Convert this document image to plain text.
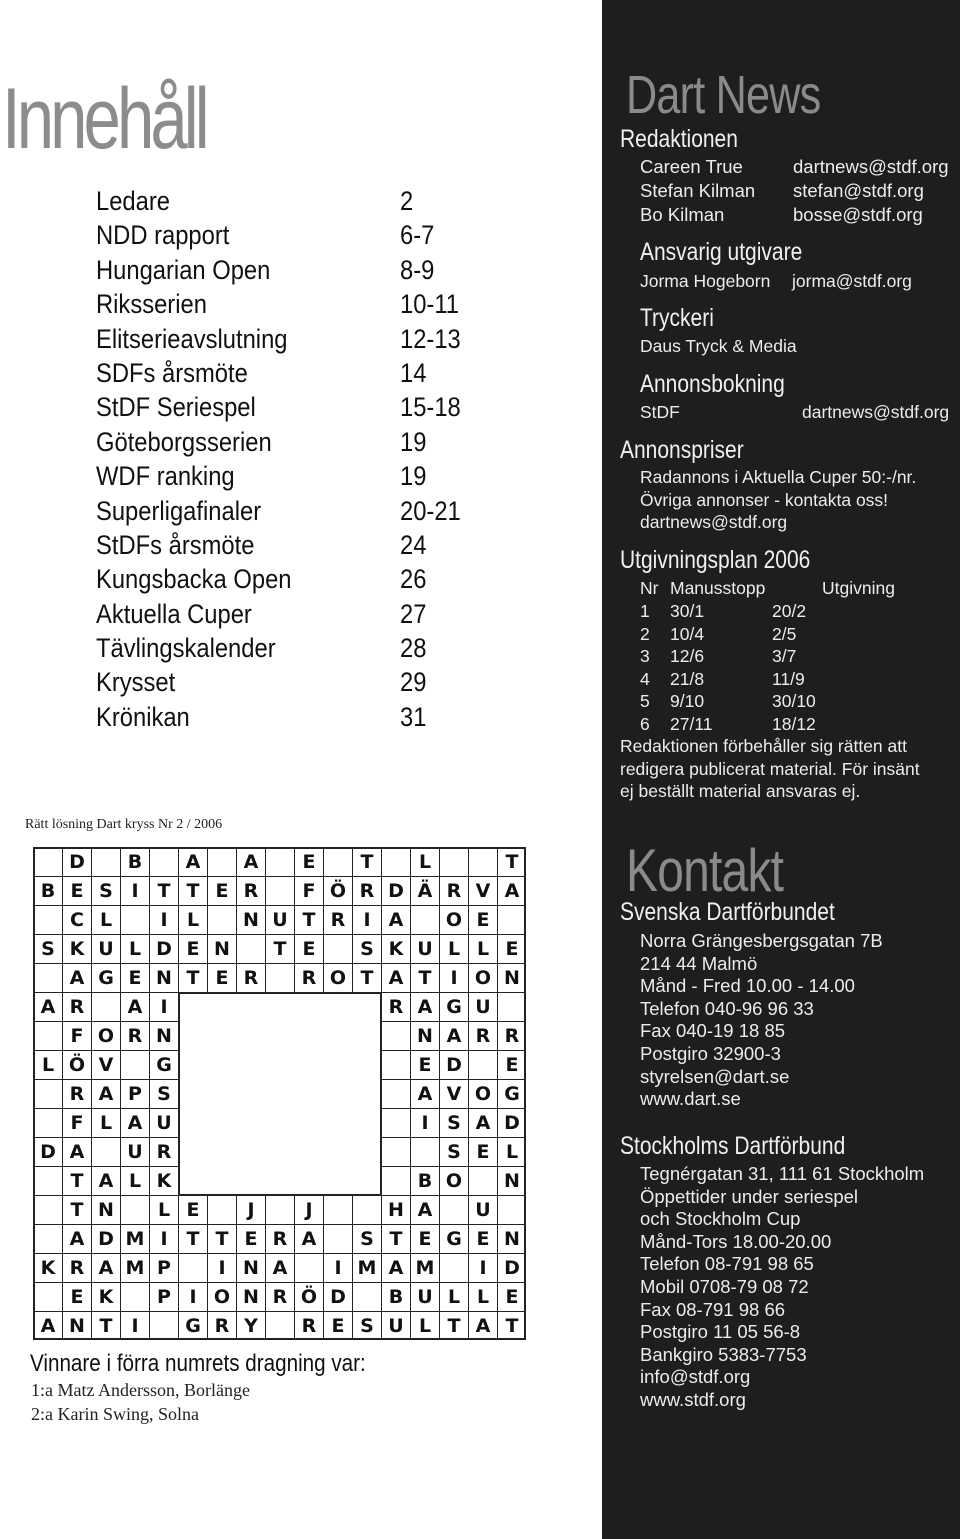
Innehåll
Ledare	2
NDD rapport	6-7
Hungarian Open	8-9
Riksserien	10-11
Elitserieavslutning	12-13
SDFs årsmöte	14
StDF Seriespel	15-18
Göteborgsserien	19
WDF ranking	19
Superligafinaler	20-21
StDFs årsmöte	24
Kungsbacka Open	26
Aktuella Cuper	27
Tävlingskalender	28
Krysset	29
Krönikan	31
Rätt lösning Dart kryss Nr 2 / 2006
D	B	A	A	E	T	L	T
B E S I T T E R	F Ö R D Ä R V A
C L	I	L	N U T R I A	O E
S K U L D E N	T E	S K U L L E
A G E N T E R	R O T A T I O N
A R	A I	R A G U
F O R N	N A R R
L Ö V	G	E D	E
R A P S	A V O G
F L A U	I S A D
D A	U R	S E L
T A L K	B O	N
T N	L E	J	J	H A	U
A D M I T T E R A	S T E G E N
K R A M P	I N A	I M A M	I D
E K	P I O N R Ö D	B U L L E
A N T I	G R Y	R E S U L T A T
Vinnare i förra numrets dragning var:
1:a Matz Andersson, Borlänge
2:a Karin Swing, Solna
Dart News
Redaktionen
Careen True	dartnews@stdf.org
Stefan Kilman stefan@stdf.org
Bo Kilman	bosse@stdf.org
Ansvarig utgivare
Jorma Hogeborn jorma@stdf.org
Tryckeri
Daus Tryck & Media
Annonsbokning
StDF	dartnews@stdf.org
Annonspriser
Radannons i Aktuella Cuper 50:-/nr.
Övriga annonser - kontakta oss!
dartnews@stdf.org
Utgivningsplan 2006
Nr Manusstopp	Utgivning
1 30/1	20/2
2 10/4	2/5
3 12/6	3/7
4 21/8	11/9
5 9/10	30/10
6 27/11	18/12
Redaktionen förbehåller sig rätten att
redigera publicerat material. För insänt
ej beställt material ansvaras ej.
Kontakt
Svenska Dartförbundet
Norra Grängesbergsgatan 7B
214 44 Malmö
Månd - Fred 10.00 - 14.00
Telefon 040-96 96 33
Fax 040-19 18 85
Postgiro 32900-3
styrelsen@dart.se
www.dart.se
Stockholms Dartförbund
Tegnérgatan 31, 111 61 Stockholm
Öppettider under seriespel
och Stockholm Cup
Månd-Tors 18.00-20.00
Telefon 08-791 98 65
Mobil 0708-79 08 72
Fax 08-791 98 66
Postgiro 11 05 56-8
Bankgiro 5383-7753
info@stdf.org
www.stdf.org
